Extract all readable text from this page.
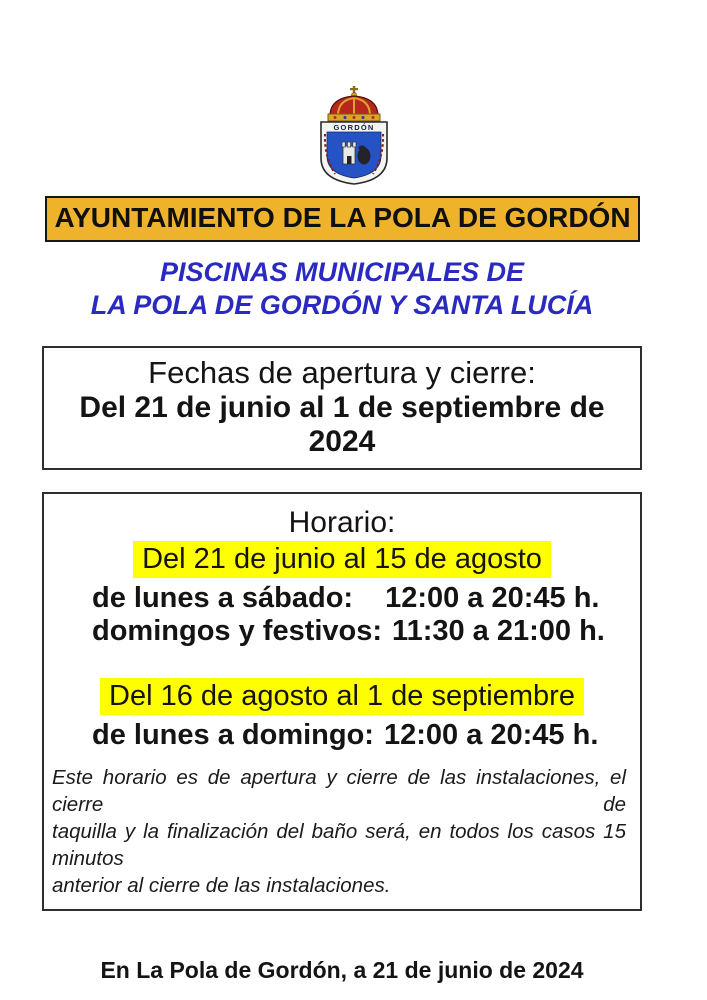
GORDÓN
AYUNTAMIENTO DE LA POLA DE GORDÓN
PISCINAS MUNICIPALES DE
LA POLA DE GORDÓN Y SANTA LUCÍA
Fechas de apertura y cierre:
Del 21 de junio al 1 de septiembre de 2024
Horario:
Del 21 de junio al 15 de agosto
de lunes a sábado: 12:00 a 20:45 h.
domingos y festivos: 11:30 a 21:00 h.
Del 16 de agosto al 1 de septiembre
de lunes a domingo: 12:00 a 20:45 h.
Este horario es de apertura y cierre de las instalaciones, el cierre de
taquilla y la finalización del baño será, en todos los casos 15 minutos
anterior al cierre de las instalaciones.
En La Pola de Gordón, a 21 de junio de 2024
